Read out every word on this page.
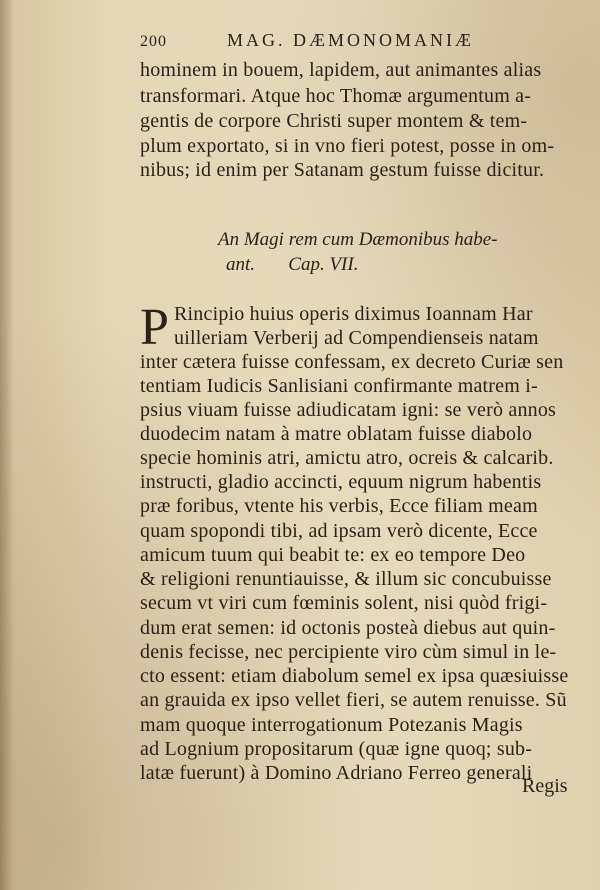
200	MAG. DÆMONOMANIÆ
hominem in bouem, lapidem, aut animantes alias
transformari. Atque hoc Thomæ argumentum a-
gentis de corpore Christi super montem & tem-
plum exportato, si in vno fieri potest, posse in om-
nibus; id enim per Satanam gestum fuisse dicitur.
An Magi rem cum Dæmonibus habe-
ant.       Cap. VII.
P Rincipio huius operis diximus Ioannam Har
uilleriam Verberij ad Compendienseis natam
inter cætera fuisse confessam, ex decreto Curiæ sen
tentiam Iudicis Sanlisiani confirmante matrem i-
psius viuam fuisse adiudicatam igni: se verò annos
duodecim natam à matre oblatam fuisse diabolo
specie hominis atri, amictu atro, ocreis & calcarib.
instructi, gladio accincti, equum nigrum habentis
præ foribus, vtente his verbis, Ecce filiam meam
quam spopondi tibi, ad ipsam verò dicente, Ecce
amicum tuum qui beabit te: ex eo tempore Deo
& religioni renuntiauisse, & illum sic concubuisse
secum vt viri cum fœminis solent, nisi quòd frigi-
dum erat semen: id octonis posteà diebus aut quin-
denis fecisse, nec percipiente viro cùm simul in le-
cto essent: etiam diabolum semel ex ipsa quæsiuisse
an grauida ex ipso vellet fieri, se autem renuisse. Sũ
mam quoque interrogationum Potezanis Magis
ad Lognium propositarum (quæ igne quoq; sub-
latæ fuerunt) à Domino Adriano Ferreo generali
Regis
